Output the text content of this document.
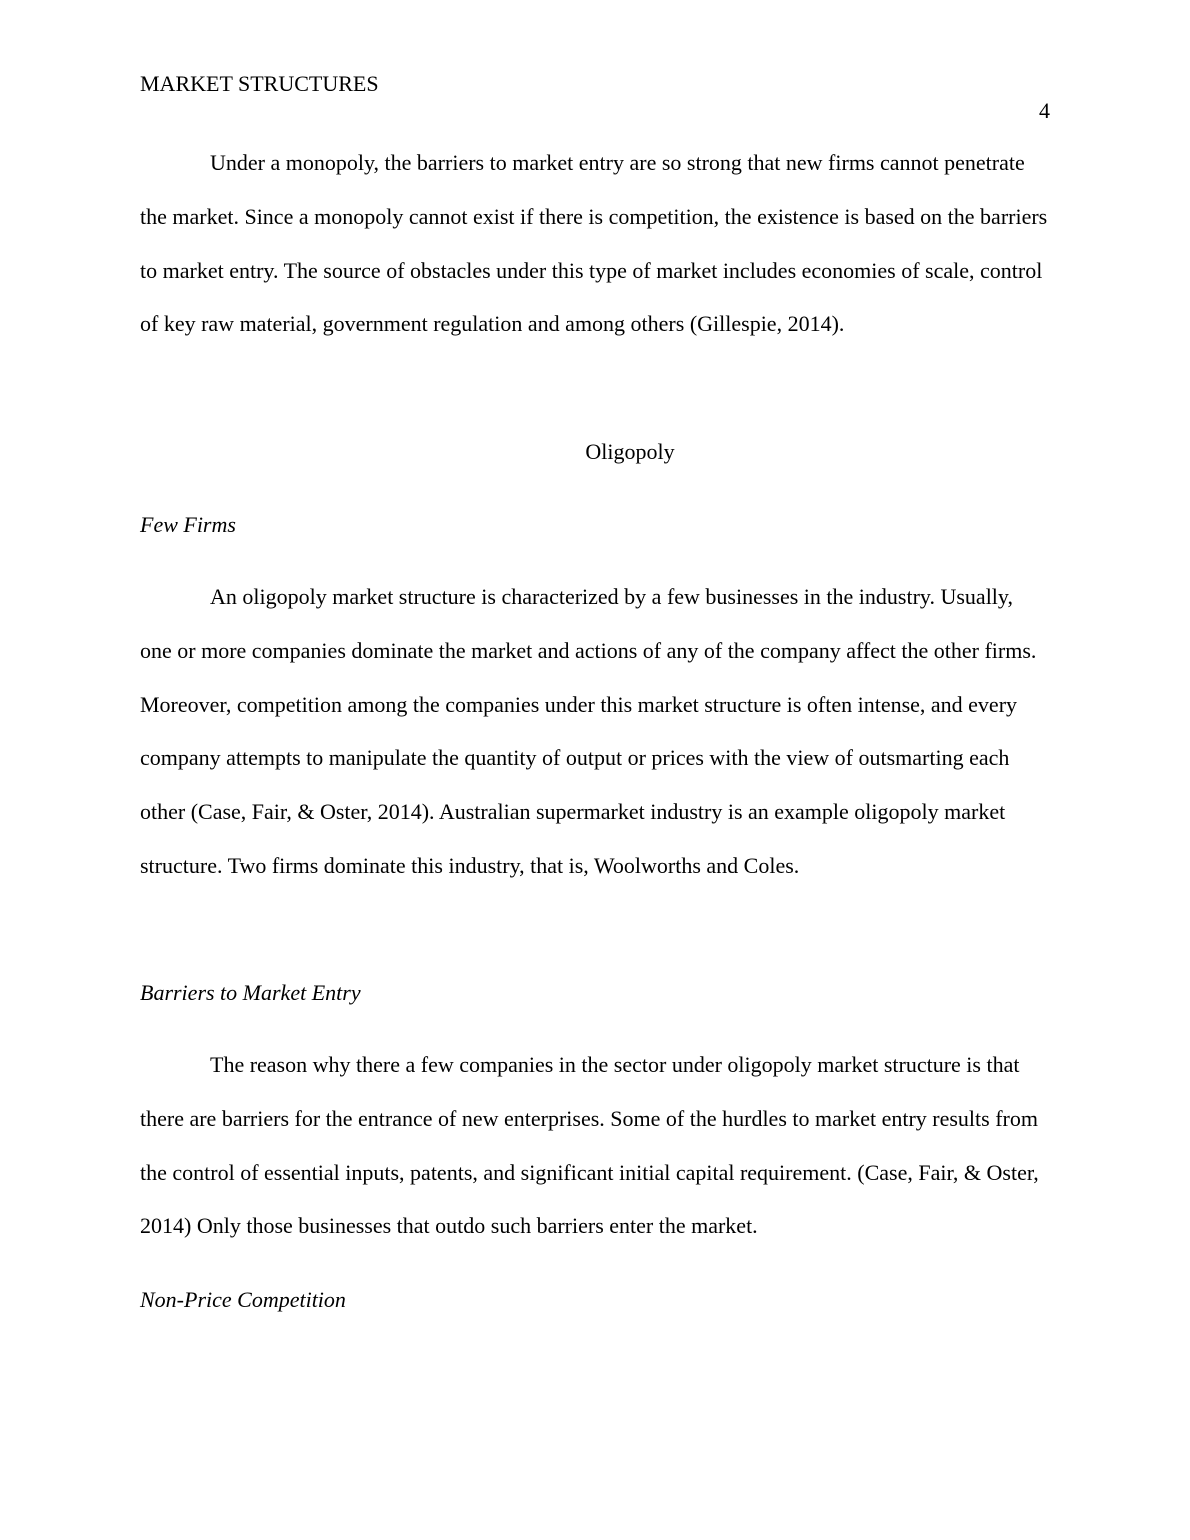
MARKET STRUCTURES
4

Under a monopoly, the barriers to market entry are so strong that new firms cannot penetrate the market. Since a monopoly cannot exist if there is competition, the existence is based on the barriers to market entry. The source of obstacles under this type of market includes economies of scale, control of key raw material, government regulation and among others (Gillespie, 2014).

Oligopoly
Few Firms

An oligopoly market structure is characterized by a few businesses in the industry. Usually, one or more companies dominate the market and actions of any of the company affect the other firms. Moreover, competition among the companies under this market structure is often intense, and every company attempts to manipulate the quantity of output or prices with the view of outsmarting each other (Case, Fair, & Oster, 2014). Australian supermarket industry is an example oligopoly market structure. Two firms dominate this industry, that is, Woolworths and Coles.

Barriers to Market Entry

The reason why there a few companies in the sector under oligopoly market structure is that there are barriers for the entrance of new enterprises. Some of the hurdles to market entry results from the control of essential inputs, patents, and significant initial capital requirement. (Case, Fair, & Oster, 2014) Only those businesses that outdo such barriers enter the market.

Non-Price Competition
